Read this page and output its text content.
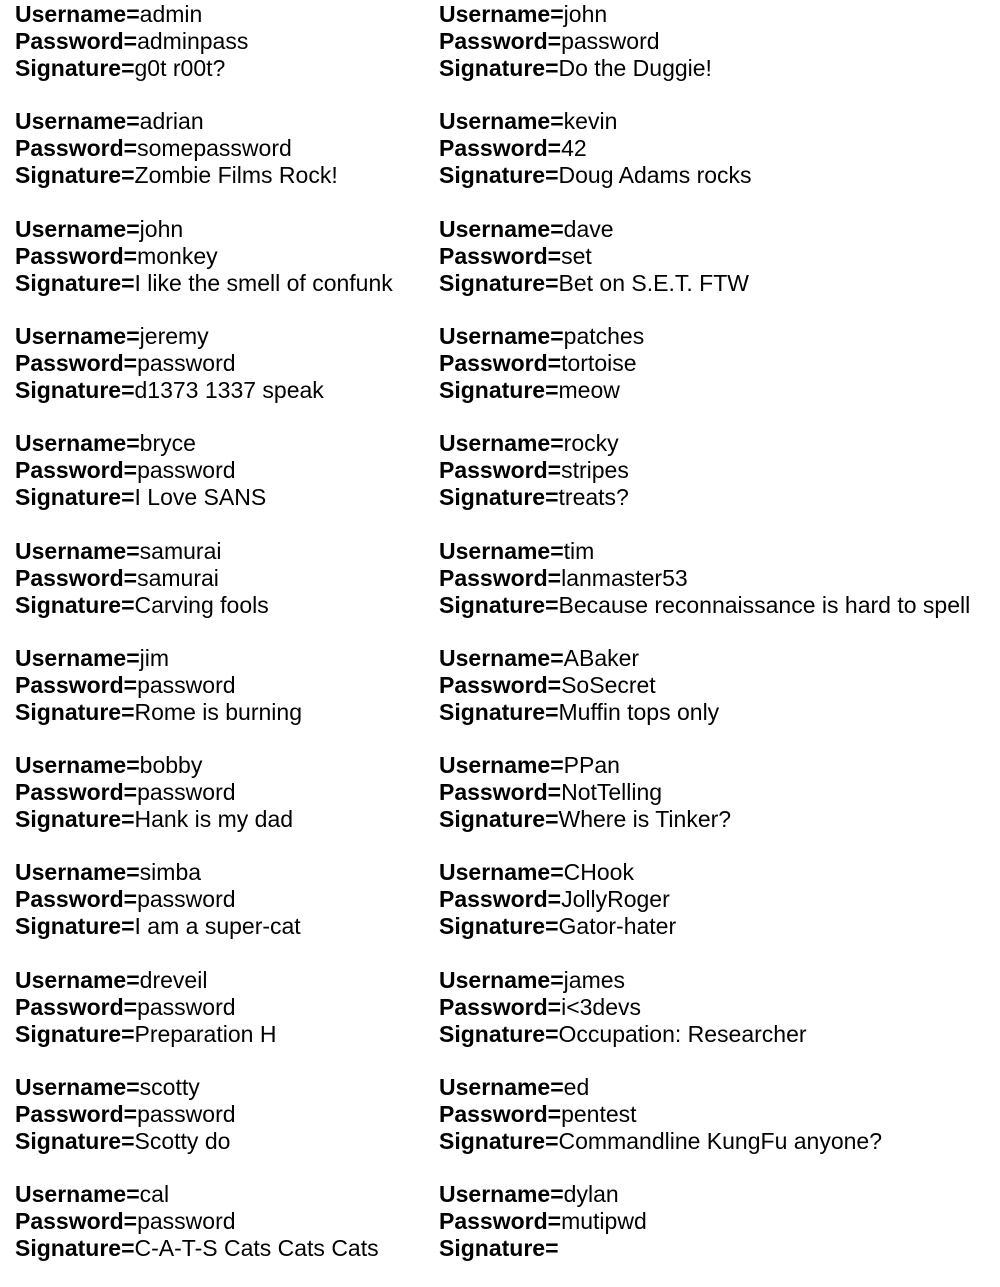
Username=admin
Password=adminpass
Signature=g0t r00t?
Username=adrian
Password=somepassword
Signature=Zombie Films Rock!
Username=john
Password=monkey
Signature=I like the smell of confunk
Username=jeremy
Password=password
Signature=d1373 1337 speak
Username=bryce
Password=password
Signature=I Love SANS
Username=samurai
Password=samurai
Signature=Carving fools
Username=jim
Password=password
Signature=Rome is burning
Username=bobby
Password=password
Signature=Hank is my dad
Username=simba
Password=password
Signature=I am a super-cat
Username=dreveil
Password=password
Signature=Preparation H
Username=scotty
Password=password
Signature=Scotty do
Username=cal
Password=password
Signature=C-A-T-S Cats Cats Cats
Username=john
Password=password
Signature=Do the Duggie!
Username=kevin
Password=42
Signature=Doug Adams rocks
Username=dave
Password=set
Signature=Bet on S.E.T. FTW
Username=patches
Password=tortoise
Signature=meow
Username=rocky
Password=stripes
Signature=treats?
Username=tim
Password=lanmaster53
Signature=Because reconnaissance is hard to spell
Username=ABaker
Password=SoSecret
Signature=Muffin tops only
Username=PPan
Password=NotTelling
Signature=Where is Tinker?
Username=CHook
Password=JollyRoger
Signature=Gator-hater
Username=james
Password=i<3devs
Signature=Occupation: Researcher
Username=ed
Password=pentest
Signature=Commandline KungFu anyone?
Username=dylan
Password=mutipwd
Signature=
